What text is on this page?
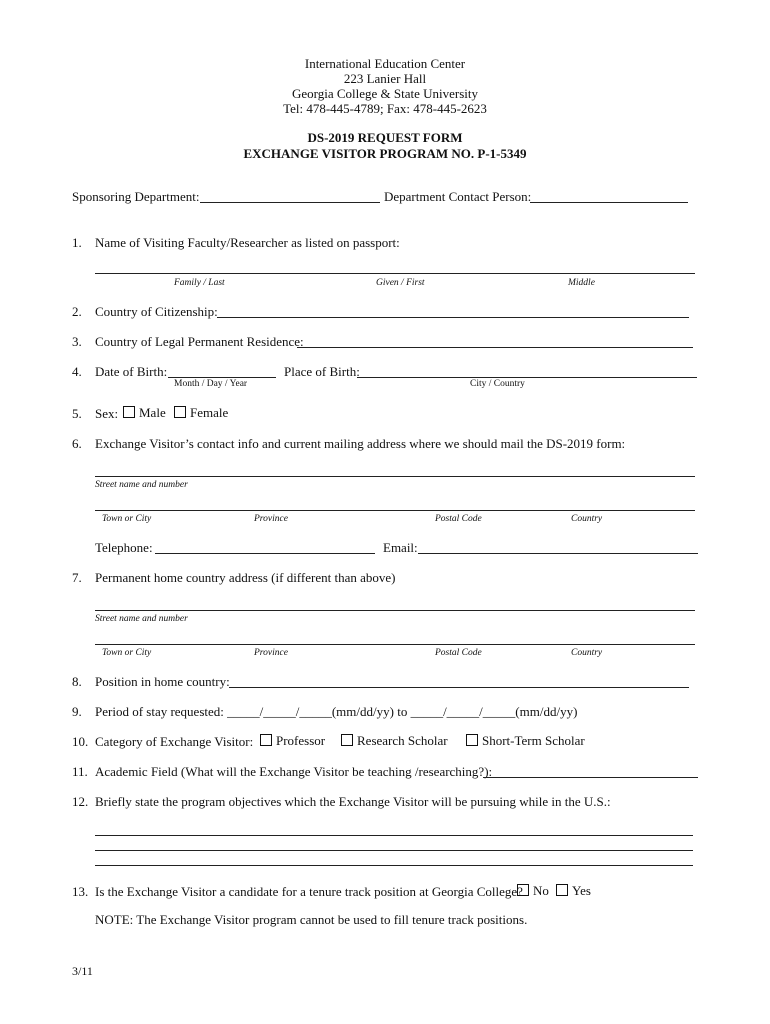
International Education Center
223 Lanier Hall
Georgia College & State University
Tel: 478-445-4789; Fax: 478-445-2623
DS-2019 REQUEST FORM
EXCHANGE VISITOR PROGRAM NO. P-1-5349
Sponsoring Department:	Department Contact Person:
1. Name of Visiting Faculty/Researcher as listed on passport:
Family / Last	Given / First	Middle
2. Country of Citizenship:
3. Country of Legal Permanent Residence:
4. Date of Birth:	Place of Birth:
Month / Day / Year	City / Country
5. Sex:	Male	Female
6. Exchange Visitor’s contact info and current mailing address where we should mail the DS-2019 form:
Street name and number
Town or City	Province	Postal Code	Country
Telephone:	Email:
7. Permanent home country address (if different than above)
Street name and number
Town or City	Province	Postal Code	Country
8. Position in home country:
9. Period of stay requested: _____/_____/_____(mm/dd/yy) to _____/_____/_____(mm/dd/yy)
10. Category of Exchange Visitor:	Professor	Research Scholar	Short-Term Scholar
11. Academic Field (What will the Exchange Visitor be teaching /researching?):
12. Briefly state the program objectives which the Exchange Visitor will be pursuing while in the U.S.:
13. Is the Exchange Visitor a candidate for a tenure track position at Georgia College? No	Yes
NOTE: The Exchange Visitor program cannot be used to fill tenure track positions.
3/11
